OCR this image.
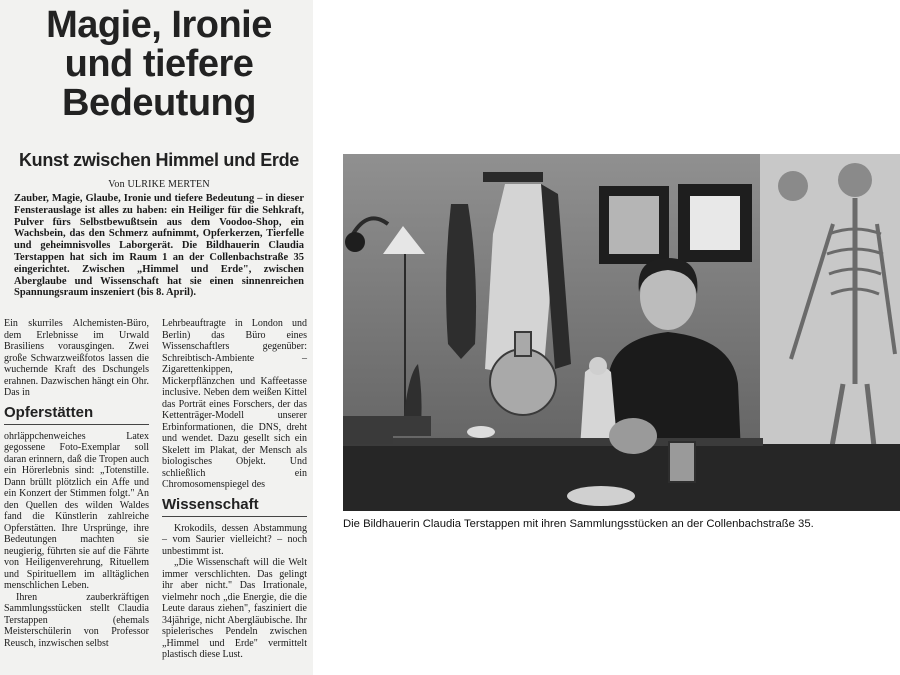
Magie, Ironie
und tiefere
Bedeutung
Kunst zwischen Himmel und Erde
Von ULRIKE MERTEN
Zauber, Magie, Glaube, Ironie und tiefere Bedeutung – in dieser Fensterauslage ist alles zu haben: ein Heiliger für die Sehkraft, Pulver fürs Selbstbewußtsein aus dem Voodoo-Shop, ein Wachsbein, das den Schmerz aufnimmt, Opferkerzen, Tierfelle und geheimnisvolles Laborgerät. Die Bildhauerin Claudia Terstappen hat sich im Raum 1 an der Collenbachstraße 35 eingerichtet. Zwischen „Himmel und Erde", zwischen Aberglaube und Wissenschaft hat sie einen sinnenreichen Spannungsraum inszeniert (bis 8. April).

Ein skurriles Alchemisten-Büro, dem Erlebnisse im Urwald Brasiliens vorausgingen. Zwei große Schwarzweißfotos lassen die wuchernde Kraft des Dschungels erahnen. Dazwischen hängt ein Ohr. Das in

Opferstätten

ohrläppchenweiches Latex gegossene Foto-Exemplar soll daran erinnern, daß die Tropen auch ein Hörerlebnis sind: „Totenstille. Dann brüllt plötzlich ein Affe und ein Konzert der Stimmen folgt." An den Quellen des wilden Waldes fand die Künstlerin zahlreiche Opferstätten. Ihre Ursprünge, ihre Bedeutungen machten sie neugierig, führten sie auf die Fährte von Heiligenverehrung, Rituellem und Spirituellem im alltäglichen menschlichen Leben.

Ihren zauberkräftigen Sammlungsstücken stellt Claudia Terstappen (ehemals Meisterschülerin von Professor Reusch, inzwischen selbst

Lehrbeauftragte in London und Berlin) das Büro eines Wissenschaftlers gegenüber: Schreibtisch-Ambiente – Zigarettenkippen, Mickerpflänzchen und Kaffeetasse inclusive. Neben dem weißen Kittel das Porträt eines Forschers, der das Kettenträger-Modell unserer Erbinformationen, die DNS, dreht und wendet. Dazu gesellt sich ein Skelett im Plakat, der Mensch als biologisches Objekt. Und schließlich ein Chromosomenspiegel des

Wissenschaft

Krokodils, dessen Abstammung – vom Saurier vielleicht? – noch unbestimmt ist.

„Die Wissenschaft will die Welt immer verschlichten. Das gelingt ihr aber nicht." Das Irrationale, vielmehr noch „die Energie, die die Leute daraus ziehen", fasziniert die 34jährige, nicht Abergläubische. Ihr spielerisches Pendeln zwischen „Himmel und Erde" vermittelt plastisch diese Lust.

Die Bildhauerin Claudia Terstappen mit ihren Sammlungsstücken an der Collenbachstraße 35.
